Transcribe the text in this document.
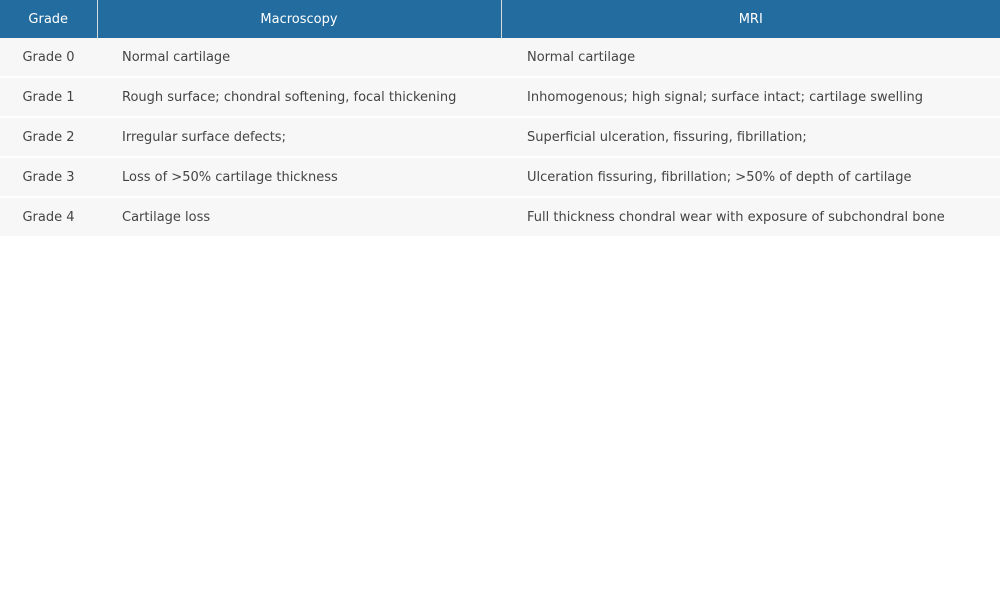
Grade	Macroscopy	MRI
Grade 0	Normal cartilage	Normal cartilage
Grade 1	Rough surface; chondral softening, focal thickening	Inhomogenous; high signal; surface intact; cartilage swelling
Grade 2	Irregular surface defects;	Superficial ulceration, fissuring, fibrillation;
Grade 3	Loss of >50% cartilage thickness	Ulceration fissuring, fibrillation; >50% of depth of cartilage
Grade 4	Cartilage loss	Full thickness chondral wear with exposure of subchondral bone
